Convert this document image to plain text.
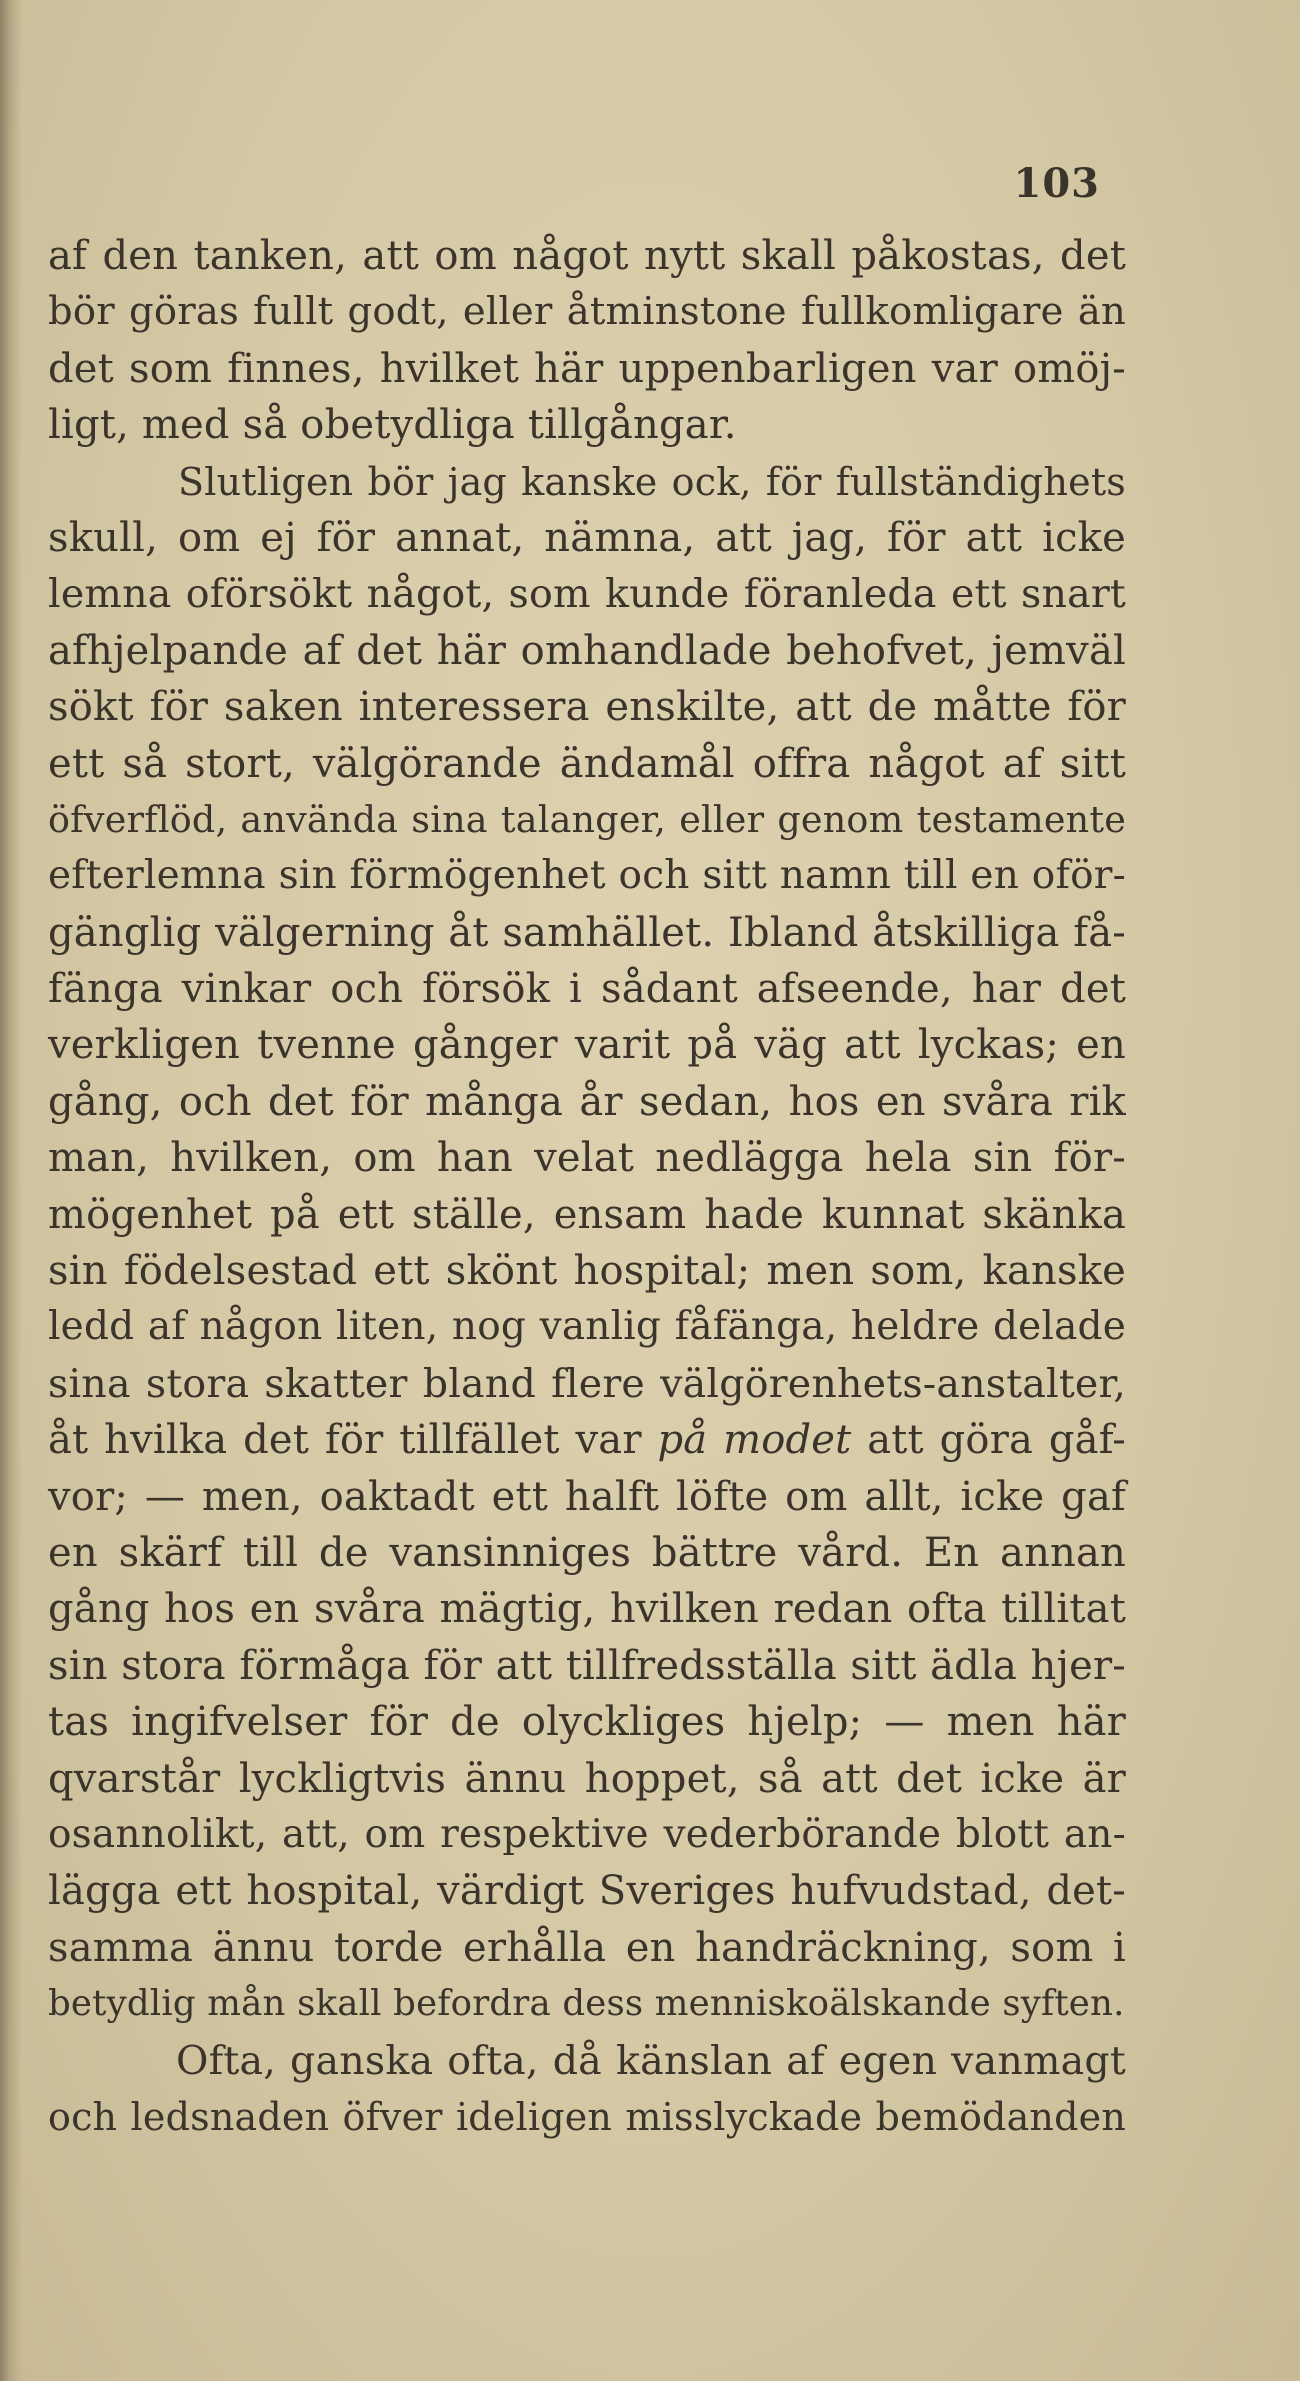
103
af den tanken, att om något nytt skall påkostas, det
bör göras fullt godt, eller åtminstone fullkomligare än
det som finnes, hvilket här uppenbarligen var omöj-
ligt, med så obetydliga tillgångar.
Slutligen bör jag kanske ock, för fullständighets
skull, om ej för annat, nämna, att jag, för att icke
lemna oförsökt något, som kunde föranleda ett snart
afhjelpande af det här omhandlade behofvet, jemväl
sökt för saken interessera enskilte, att de måtte för
ett så stort, välgörande ändamål offra något af sitt
öfverflöd, använda sina talanger, eller genom testamente
efterlemna sin förmögenhet och sitt namn till en oför-
gänglig välgerning åt samhället. Ibland åtskilliga få-
fänga vinkar och försök i sådant afseende, har det
verkligen tvenne gånger varit på väg att lyckas; en
gång, och det för många år sedan, hos en svåra rik
man, hvilken, om han velat nedlägga hela sin för-
mögenhet på ett ställe, ensam hade kunnat skänka
sin födelsestad ett skönt hospital; men som, kanske
ledd af någon liten, nog vanlig fåfänga, heldre delade
sina stora skatter bland flere välgörenhets-anstalter,
åt hvilka det för tillfället var på modet att göra gåf-
vor; — men, oaktadt ett halft löfte om allt, icke gaf
en skärf till de vansinniges bättre vård. En annan
gång hos en svåra mägtig, hvilken redan ofta tillitat
sin stora förmåga för att tillfredsställa sitt ädla hjer-
tas ingifvelser för de olyckliges hjelp; — men här
qvarstår lyckligtvis ännu hoppet, så att det icke är
osannolikt, att, om respektive vederbörande blott an-
lägga ett hospital, värdigt Sveriges hufvudstad, det-
samma ännu torde erhålla en handräckning, som i
betydlig mån skall befordra dess menniskoälskande syften.
Ofta, ganska ofta, då känslan af egen vanmagt
och ledsnaden öfver ideligen misslyckade bemödanden
